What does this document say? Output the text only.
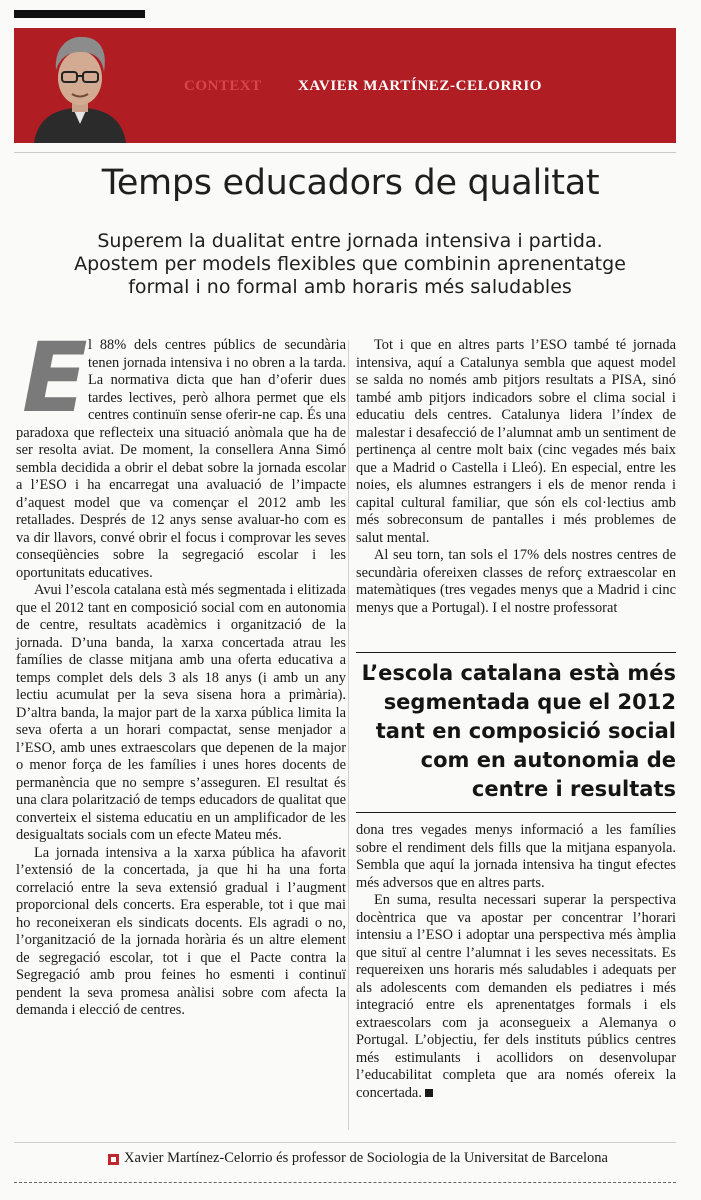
CONTEXT XAVIER MARTÍNEZ-CELORRIO
Temps educadors de qualitat
Superem la dualitat entre jornada intensiva i partida.
Apostem per models flexibles que combinin aprenentatge
formal i no formal amb horaris més saludables

El 88% dels centres públics de secundària tenen jornada intensiva i no obren a la tarda. La normativa dicta que han d’oferir dues tardes lectives, però alhora permet que els centres continuïn sense oferir-ne cap. És una paradoxa que reflecteix una situació anòmala que ha de ser resolta aviat. De moment, la consellera Anna Simó sembla decidida a obrir el debat sobre la jornada escolar a l’ESO i ha encarregat una avaluació de l’impacte d’aquest model que va començar el 2012 amb les retallades. Després de 12 anys sense avaluar-ho com es va dir llavors, convé obrir el focus i comprovar les seves conseqüències sobre la segregació escolar i les oportunitats educatives.

Avui l’escola catalana està més segmentada i elitizada que el 2012 tant en composició social com en autonomia de centre, resultats acadèmics i organització de la jornada. D’una banda, la xarxa concertada atrau les famílies de classe mitjana amb una oferta educativa a temps complet dels dels 3 als 18 anys (i amb un any lectiu acumulat per la seva sisena hora a primària). D’altra banda, la major part de la xarxa pública limita la seva oferta a un horari compactat, sense menjador a l’ESO, amb unes extraescolars que depenen de la major o menor força de les famílies i unes hores docents de permanència que no sempre s’asseguren. El resultat és una clara polarització de temps educadors de qualitat que converteix el sistema educatiu en un amplificador de les desigualtats socials com un efecte Mateu més.

La jornada intensiva a la xarxa pública ha afavorit l’extensió de la concertada, ja que hi ha una forta correlació entre la seva extensió gradual i l’augment proporcional dels concerts. Era esperable, tot i que mai ho reconeixeran els sindicats docents. Els agradi o no, l’organització de la jornada horària és un altre element de segregació escolar, tot i que el Pacte contra la Segregació amb prou feines ho esmenti i continuï pendent la seva promesa anàlisi sobre com afecta la demanda i elecció de centres.

Tot i que en altres parts l’ESO també té jornada intensiva, aquí a Catalunya sembla que aquest model se salda no només amb pitjors resultats a PISA, sinó també amb pitjors indicadors sobre el clima social i educatiu dels centres. Catalunya lidera l’índex de malestar i desafecció de l’alumnat amb un sentiment de pertinença al centre molt baix (cinc vegades més baix que a Madrid o Castella i Lleó). En especial, entre les noies, els alumnes estrangers i els de menor renda i capital cultural familiar, que són els col·lectius amb més sobreconsum de pantalles i més problemes de salut mental.

Al seu torn, tan sols el 17% dels nostres centres de secundària ofereixen classes de reforç extraescolar en matemàtiques (tres vegades menys que a Madrid i cinc menys que a Portugal). I el nostre professorat

L’escola catalana està més segmentada que el 2012 tant en composició social com en autonomia de centre i resultats

dona tres vegades menys informació a les famílies sobre el rendiment dels fills que la mitjana espanyola. Sembla que aquí la jornada intensiva ha tingut efectes més adversos que en altres parts.

En suma, resulta necessari superar la perspectiva docèntrica que va apostar per concentrar l’horari intensiu a l’ESO i adoptar una perspectiva més àmplia que situï al centre l’alumnat i les seves necessitats. Es requereixen uns horaris més saludables i adequats per als adolescents com demanden els pediatres i més integració entre els aprenentatges formals i els extraescolars com ja aconsegueix a Alemanya o Portugal. L’objectiu, fer dels instituts públics centres més estimulants i acollidors on desenvolupar l’educabilitat completa que ara només ofereix la concertada.

Xavier Martínez-Celorrio és professor de Sociologia de la Universitat de Barcelona
